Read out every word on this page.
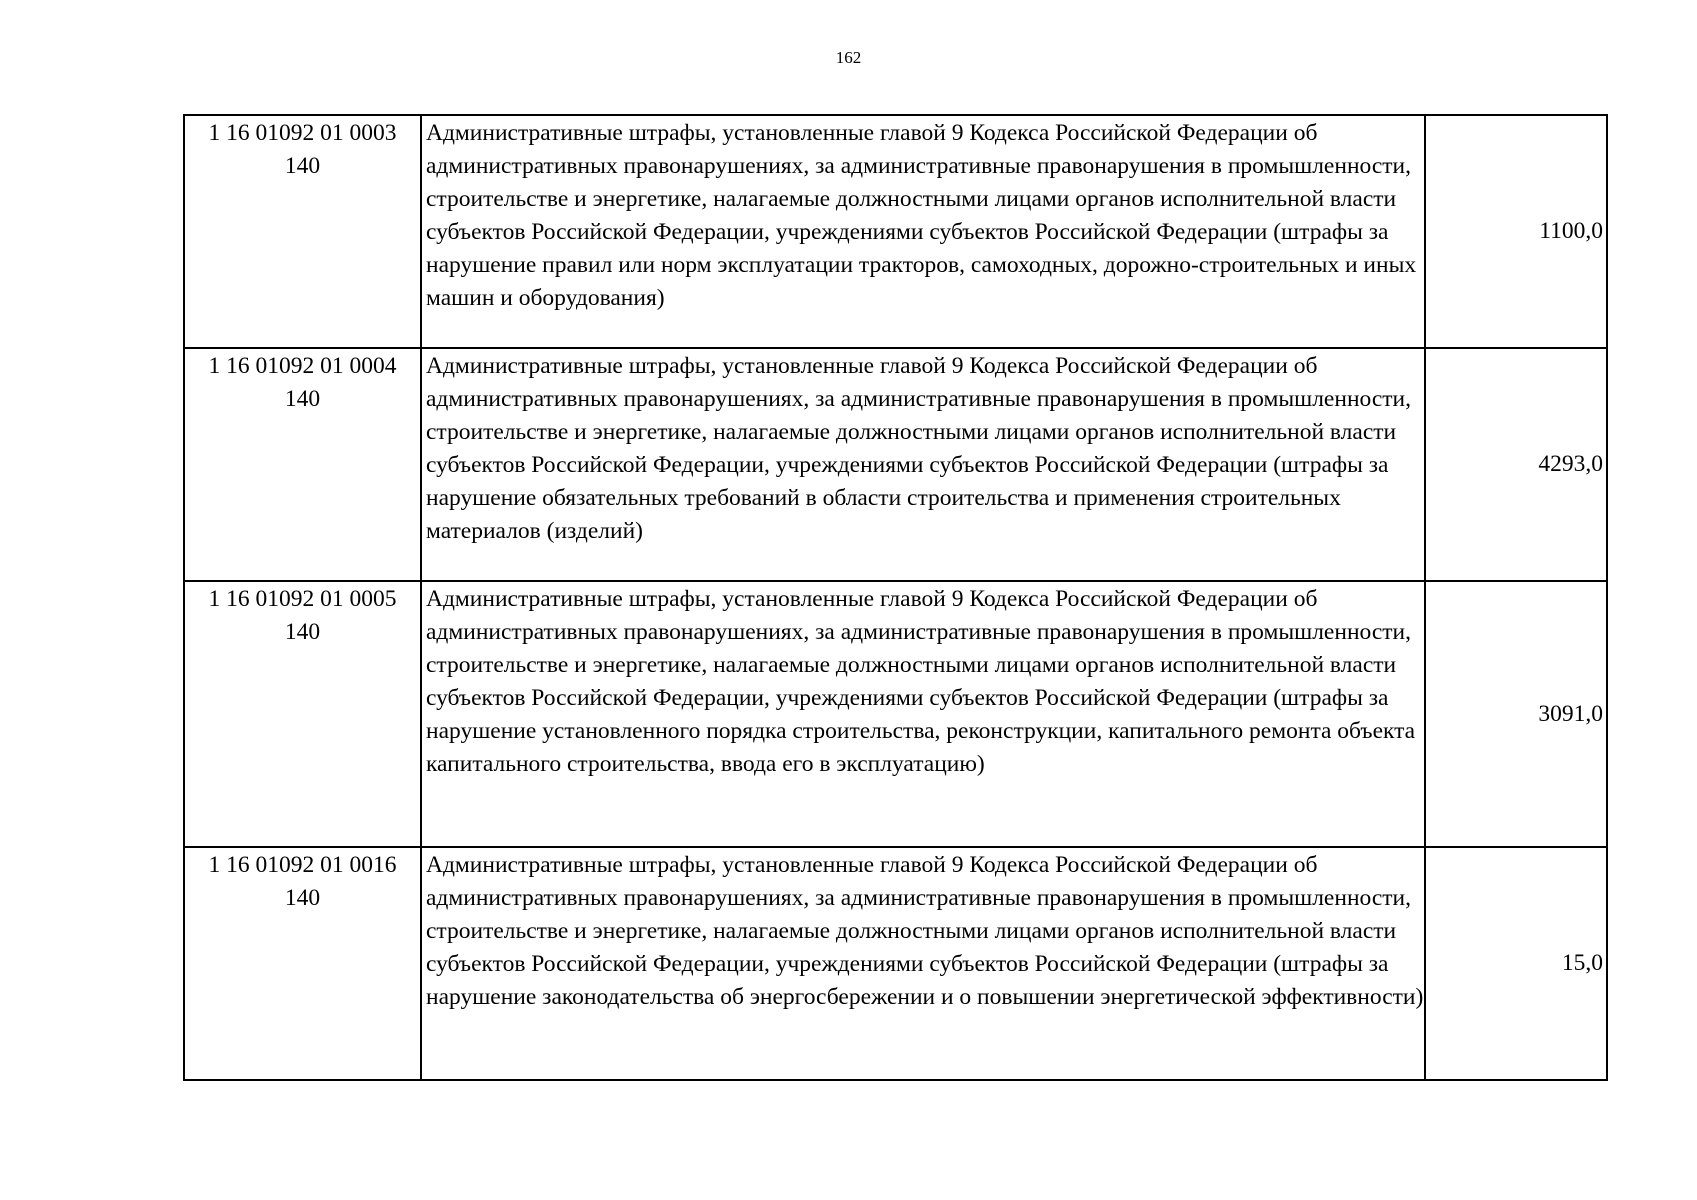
162
1 16 01092 01 0003
140	Административные штрафы, установленные главой 9 Кодекса Российской Федерации об административных правонарушениях, за административные правонарушения в промышленности, строительстве и энергетике, налагаемые должностными лицами органов исполнительной власти субъектов Российской Федерации, учреждениями субъектов Российской Федерации (штрафы за нарушение правил или норм эксплуатации тракторов, самоходных, дорожно-строительных и иных машин и оборудования)	1100,0

1 16 01092 01 0004
140	Административные штрафы, установленные главой 9 Кодекса Российской Федерации об административных правонарушениях, за административные правонарушения в промышленности, строительстве и энергетике, налагаемые должностными лицами органов исполнительной власти субъектов Российской Федерации, учреждениями субъектов Российской Федерации (штрафы за нарушение обязательных требований в области строительства и применения строительных материалов (изделий)	4293,0

1 16 01092 01 0005
140	Административные штрафы, установленные главой 9 Кодекса Российской Федерации об административных правонарушениях, за административные правонарушения в промышленности, строительстве и энергетике, налагаемые должностными лицами органов исполнительной власти субъектов Российской Федерации, учреждениями субъектов Российской Федерации (штрафы за нарушение установленного порядка строительства, реконструкции, капитального ремонта объекта капитального строительства, ввода его в эксплуатацию)	3091,0

1 16 01092 01 0016
140	Административные штрафы, установленные главой 9 Кодекса Российской Федерации об административных правонарушениях, за административные правонарушения в промышленности, строительстве и энергетике, налагаемые должностными лицами органов исполнительной власти субъектов Российской Федерации, учреждениями субъектов Российской Федерации (штрафы за нарушение законодательства об энергосбережении и о повышении энергетической эффективности)	15,0
